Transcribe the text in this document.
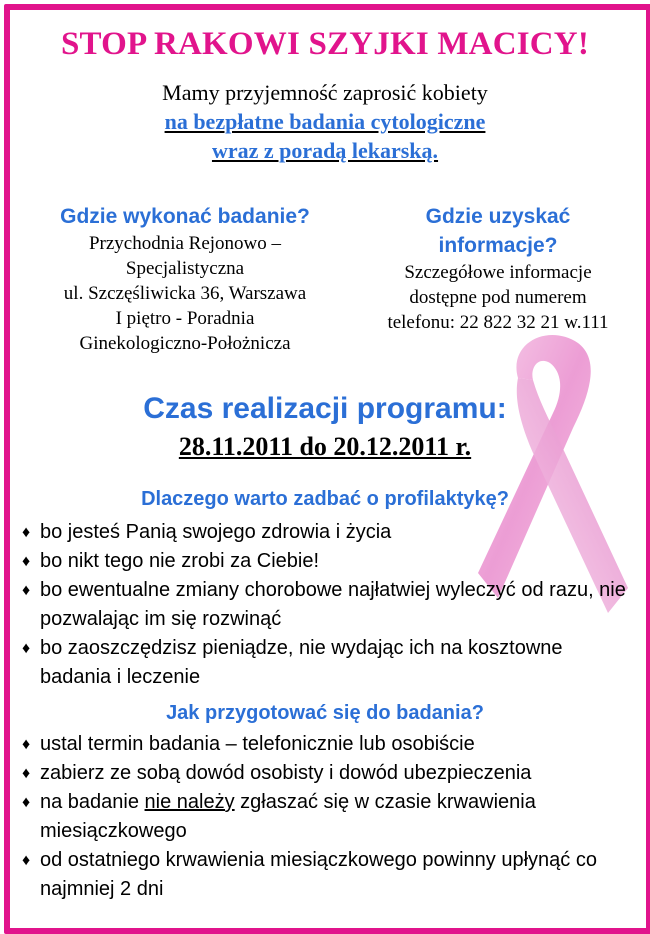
STOP RAKOWI SZYJKI MACICY!
Mamy przyjemność zaprosić kobiety
na bezpłatne badania cytologiczne
wraz z poradą lekarską.
Gdzie wykonać badanie?
Przychodnia Rejonowo –
Specjalistyczna
ul. Szczęśliwicka 36, Warszawa
I piętro - Poradnia
Ginekologiczno-Położnicza
Gdzie uzyskać
informacje?
Szczegółowe informacje
dostępne pod numerem
telefonu: 22 822 32 21 w.111
Czas realizacji programu:
28.11.2011 do 20.12.2011 r.
Dlaczego warto zadbać o profilaktykę?
♦ bo jesteś Panią swojego zdrowia i życia
♦ bo nikt tego nie zrobi za Ciebie!
♦ bo ewentualne zmiany chorobowe najłatwiej wyleczyć od razu, nie pozwalając im się rozwinąć
♦ bo zaoszczędzisz pieniądze, nie wydając ich na kosztowne badania i leczenie
Jak przygotować się do badania?
♦ ustal termin badania – telefonicznie lub osobiście
♦ zabierz ze sobą dowód osobisty i dowód ubezpieczenia
♦ na badanie nie należy zgłaszać się w czasie krwawienia miesiączkowego
♦ od ostatniego krwawienia miesiączkowego powinny upłynąć co najmniej 2 dni
